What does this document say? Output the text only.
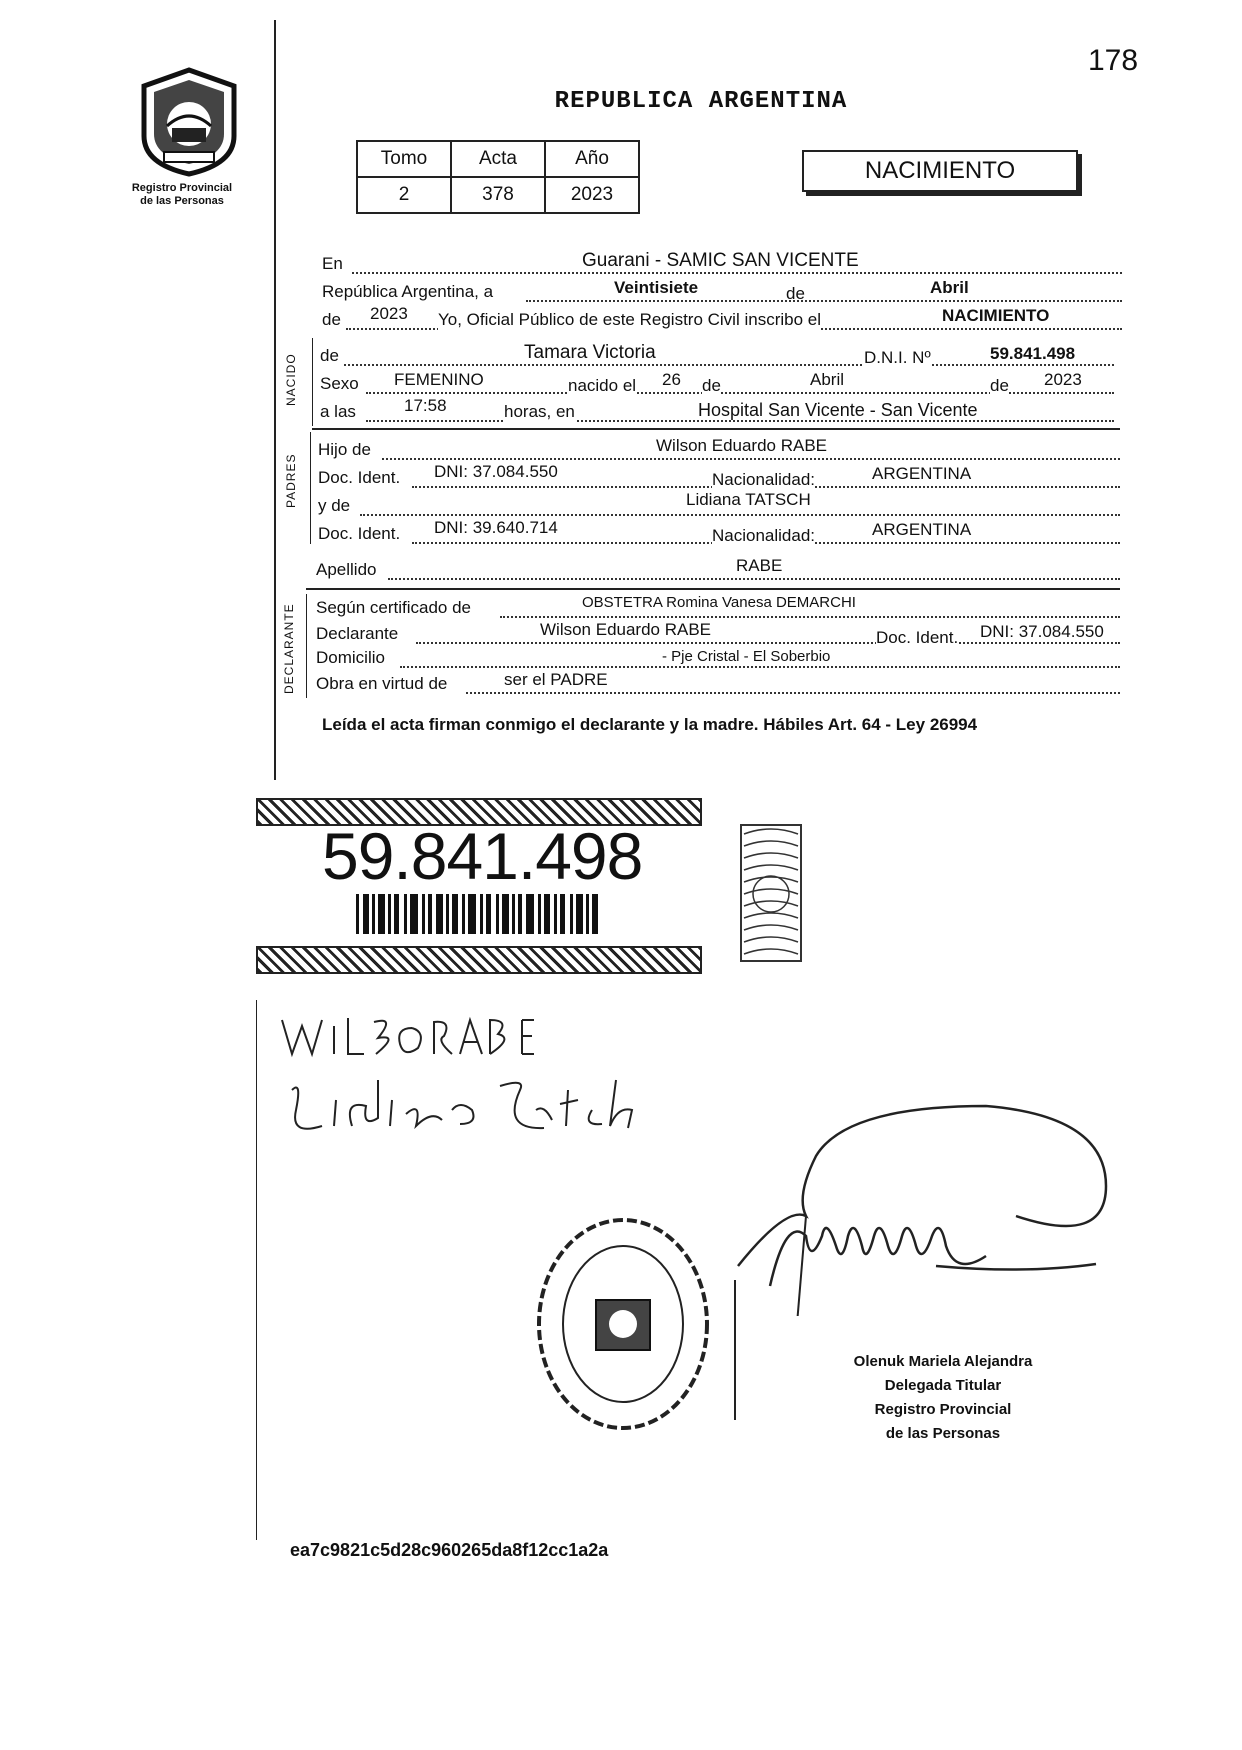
178
Registro Provincial
de las Personas
REPUBLICA ARGENTINA
Tomo	Acta	Año
2	378	2023
NACIMIENTO
En	Guarani - SAMIC SAN VICENTE
República Argentina, a	Veintisiete	de	Abril
de 2023 Yo, Oficial Público de este Registro Civil inscribo el	NACIMIENTO
NACIDO de	Tamara Victoria	D.N.I. Nº	59.841.498
Sexo FEMENINO	nacido el 26 de	Abril	de 2023
a las	17:58	horas, en	Hospital San Vicente - San Vicente
PADRES
Hijo de	Wilson Eduardo RABE
Doc. Ident. DNI: 37.084.550	Nacionalidad:	ARGENTINA
y de	Lidiana TATSCH
Doc. Ident. DNI: 39.640.714	Nacionalidad:	ARGENTINA
Apellido	RABE
DECLARANTE Según certificado de	OBSTETRA Romina Vanesa DEMARCHI
Declarante	Wilson Eduardo RABE	Doc. Ident. DNI: 37.084.550
Domicilio	- Pje Cristal - El Soberbio
Obra en virtud de	ser el PADRE
Leída el acta firman conmigo el declarante y la madre. Hábiles Art. 64 - Ley 26994
59.841.498
Olenuk Mariela Alejandra
Delegada Titular
Registro Provincial
de las Personas
ea7c9821c5d28c960265da8f12cc1a2a
